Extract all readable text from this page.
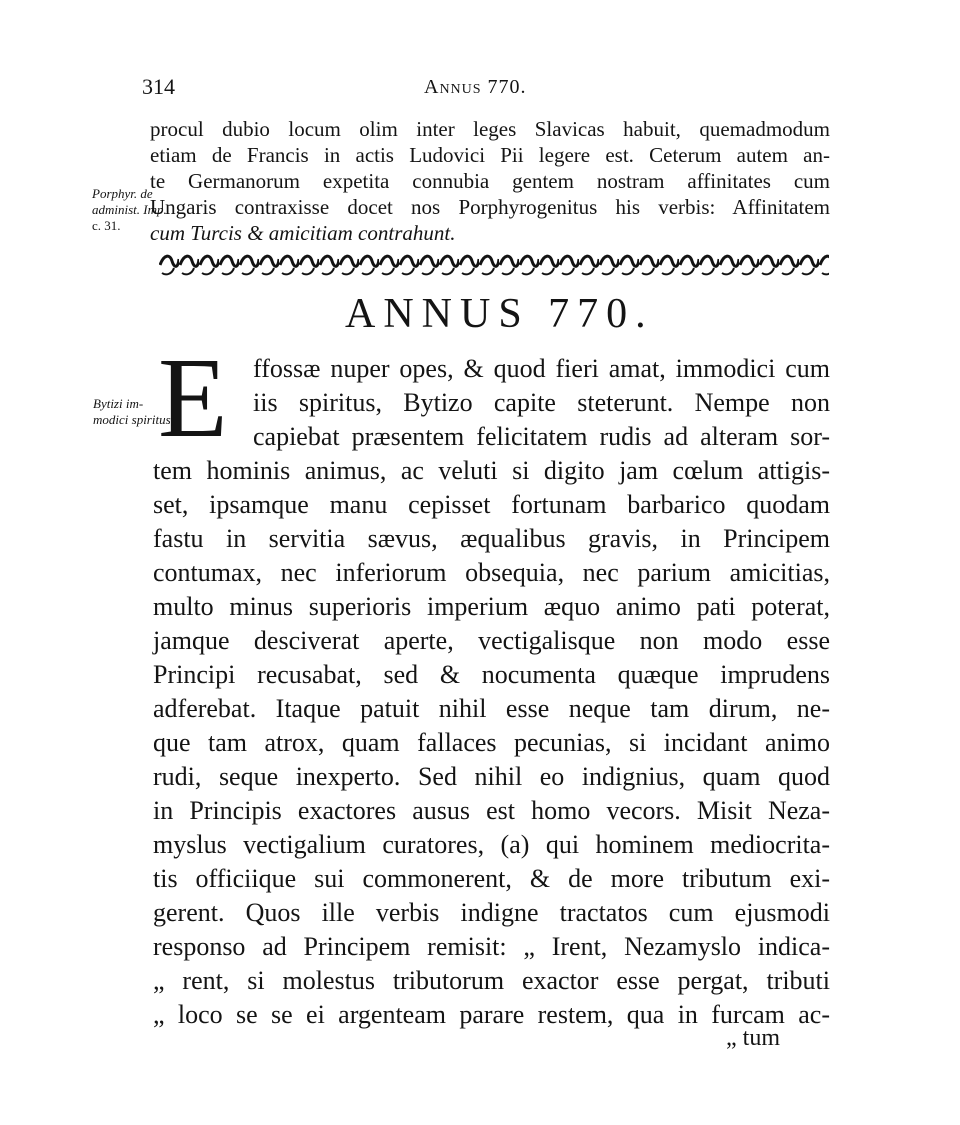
314	Annus 770.
procul dubio locum olim inter leges Slavicas habuit, quemadmodum
etiam de Francis in actis Ludovici Pii legere est. Ceterum autem an-
te Germanorum expetita connubia gentem nostram affinitates cum
Ungaris contraxisse docet nos Porphyrogenitus his verbis: Affinitatem
cum Turcis & amicitiam contrahunt.
Porphyr. de
administ. Imp.
c. 31.
ANNUS 770.
E
Bytizi im-
modici spiritus,
ffossæ nuper opes, & quod fieri amat, immodici cum
iis spiritus, Bytizo capite steterunt. Nempe non
capiebat præsentem felicitatem rudis ad alteram sor-
tem hominis animus, ac veluti si digito jam cœlum attigis-
set, ipsamque manu cepisset fortunam barbarico quodam
fastu in servitia sævus, æqualibus gravis, in Principem
contumax, nec inferiorum obsequia, nec parium amicitias,
multo minus superioris imperium æquo animo pati poterat,
jamque desciverat aperte, vectigalisque non modo esse
Principi recusabat, sed & nocumenta quæque imprudens
adferebat. Itaque patuit nihil esse neque tam dirum, ne-
que tam atrox, quam fallaces pecunias, si incidant animo
rudi, seque inexperto. Sed nihil eo indignius, quam quod
in Principis exactores ausus est homo vecors. Misit Neza-
myslus vectigalium curatores, (a) qui hominem mediocrita-
tis officiique sui commonerent, & de more tributum exi-
gerent. Quos ille verbis indigne tractatos cum ejusmodi
responso ad Principem remisit: „ Irent, Nezamyslo indica-
„ rent, si molestus tributorum exactor esse pergat, tributi
„ loco se se ei argenteam parare restem, qua in furcam ac-
„ tum
